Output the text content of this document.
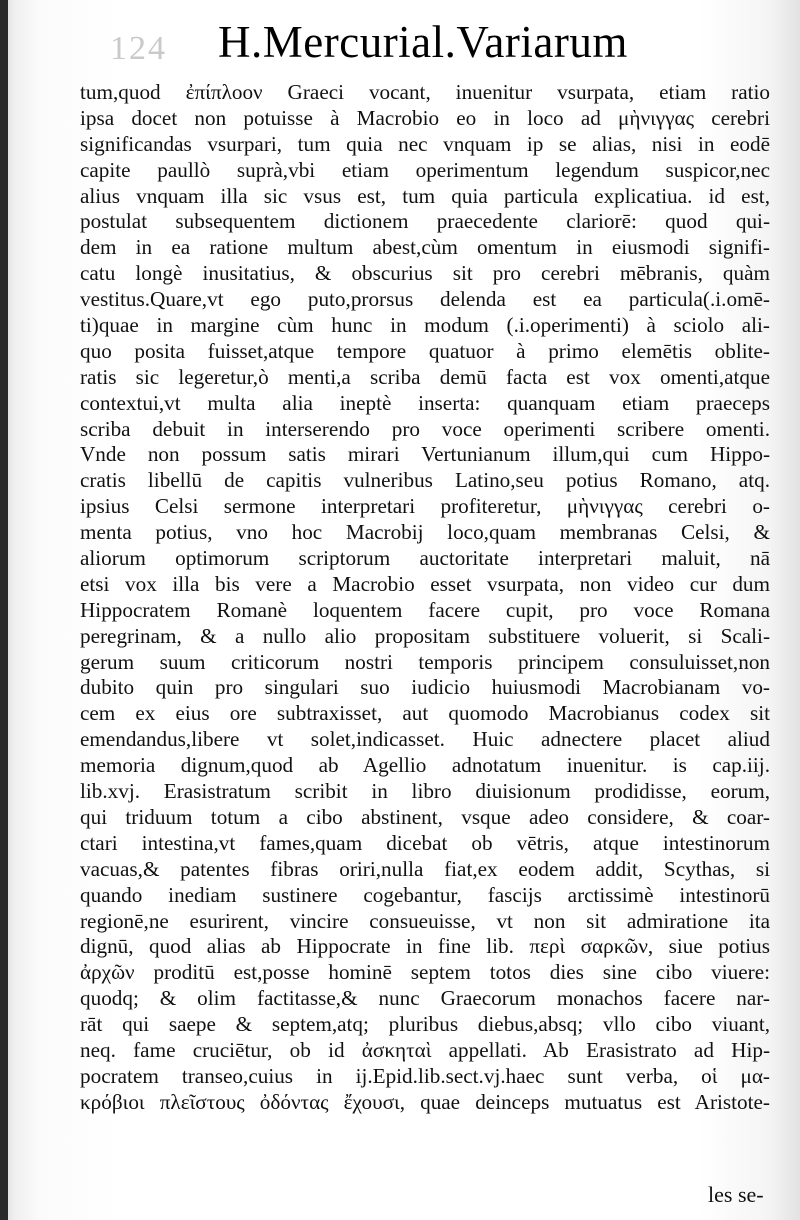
124 H.Mercurial.Variarum
tum,quod ἐπίπλοον Graeci vocant, inuenitur vsurpata, etiam ratio
ipsa docet non potuisse à Macrobio eo in loco ad μὴνιγγας cerebri
significandas vsurpari, tum quia nec vnquam ip se alias, nisi in eodē
capite paullò suprà,vbi etiam operimentum legendum suspicor,nec
alius vnquam illa sic vsus est, tum quia particula explicatiua. id est,
postulat subsequentem dictionem praecedente clariorē: quod qui-
dem in ea ratione multum abest,cùm omentum in eiusmodi signifi-
catu longè inusitatius, & obscurius sit pro cerebri mēbranis, quàm
vestitus.Quare,vt ego puto,prorsus delenda est ea particula(.i.omē-
ti)quae in margine cùm hunc in modum (.i.operimenti) à sciolo ali-
quo posita fuisset,atque tempore quatuor à primo elemētis oblite-
ratis sic legeretur,ò menti,a scriba demū facta est vox omenti,atque
contextui,vt multa alia ineptè inserta: quanquam etiam praeceps
scriba debuit in interserendo pro voce operimenti scribere omenti.
Vnde non possum satis mirari Vertunianum illum,qui cum Hippo-
cratis libellū de capitis vulneribus Latino,seu potius Romano, atq.
ipsius Celsi sermone interpretari profiteretur, μὴνιγγας cerebri o-
menta potius, vno hoc Macrobij loco,quam membranas Celsi, &
aliorum optimorum scriptorum auctoritate interpretari maluit, nā
etsi vox illa bis vere a Macrobio esset vsurpata, non video cur dum
Hippocratem Romanè loquentem facere cupit, pro voce Romana
peregrinam, & a nullo alio propositam substituere voluerit, si Scali-
gerum suum criticorum nostri temporis principem consuluisset,non
dubito quin pro singulari suo iudicio huiusmodi Macrobianam vo-
cem ex eius ore subtraxisset, aut quomodo Macrobianus codex sit
emendandus,libere vt solet,indicasset. Huic adnectere placet aliud
memoria dignum,quod ab Agellio adnotatum inuenitur. is cap.iij.
lib.xvj. Erasistratum scribit in libro diuisionum prodidisse, eorum,
qui triduum totum a cibo abstinent, vsque adeo considere, & coar-
ctari intestina,vt fames,quam dicebat ob vētris, atque intestinorum
vacuas,& patentes fibras oriri,nulla fiat,ex eodem addit, Scythas, si
quando inediam sustinere cogebantur, fascijs arctissimè intestinorū
regionē,ne esurirent, vincire consueuisse, vt non sit admiratione ita
dignū, quod alias ab Hippocrate in fine lib. περὶ σαρκῶν, siue potius
ἀρχῶν proditū est,posse hominē septem totos dies sine cibo viuere:
quodq; & olim factitasse,& nunc Graecorum monachos facere nar-
rāt qui saepe & septem,atq; pluribus diebus,absq; vllo cibo viuant,
neq. fame cruciētur, ob id ἀσκηταὶ appellati. Ab Erasistrato ad Hip-
pocratem transeo,cuius in ij.Epid.lib.sect.vj.haec sunt verba, οἱ μα-
κρόβιοι πλεῖστους ὀδόντας ἔχουσι, quae deinceps mutuatus est Aristote-
les se-
